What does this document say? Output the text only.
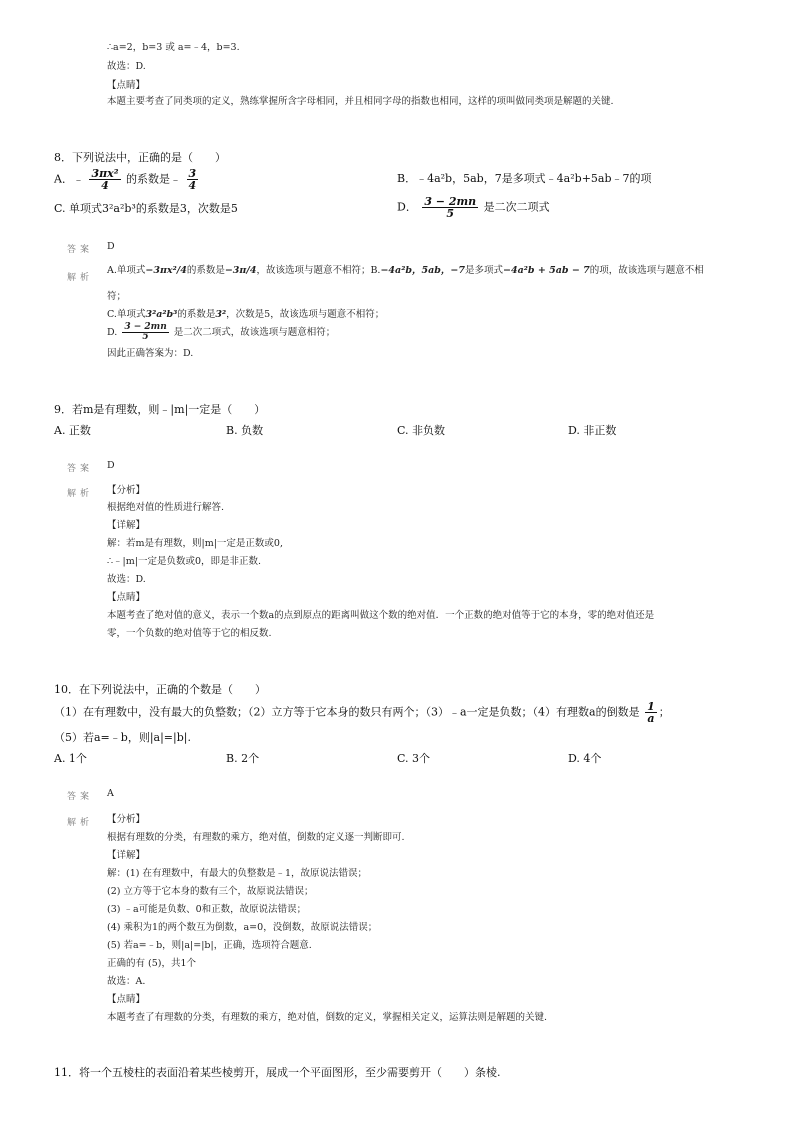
∴a=2，b=3 或 a=﹣4，b=3.
故选：D.
【点睛】
本题主要考查了同类项的定义，熟练掌握所含字母相同，并且相同字母的指数也相同，这样的项叫做同类项是解题的关键.
8．下列说法中，正确的是（　　）
A．﹣ $\frac{\text{3πx²}}{4}$ 的系数是﹣ $\frac{3}{4}$	B．﹣4a²b，5ab，7是多项式﹣4a²b+5ab﹣7的项
C. 单项式3²a²b³的系数是3，次数是5	D． $\frac{3 - 2mn}{5}$ 是二次二项式
答案 D
解析
A.单项式−3πx²/4的系数是−3π/4，故该选项与题意不相符；B.−4a²b，5ab，−7是多项式−4a²b + 5ab − 7的项，故该选项与题意不相
符；
C.单项式3²a²b³的系数是3²，次数是5，故该选项与题意不相符；
D. $\frac{3 - 2mn}{5}$ 是二次二项式，故该选项与题意相符；
因此正确答案为：D.
9．若m是有理数，则﹣|m|一定是（　　）
A. 正数	B. 负数	C. 非负数	D. 非正数
答案 D
解析 【分析】
根据绝对值的性质进行解答.
【详解】
解：若m是有理数，则|m|一定是正数或0,
∴﹣|m|一定是负数或0，即是非正数.
故选：D.
【点睛】
本题考查了绝对值的意义，表示一个数a的点到原点的距离叫做这个数的绝对值．一个正数的绝对值等于它的本身，零的绝对值还是
零，一个负数的绝对值等于它的相反数.
10．在下列说法中，正确的个数是（　　）
（1）在有理数中，没有最大的负整数；（2）立方等于它本身的数只有两个；（3）﹣a一定是负数；（4）有理数a的倒数是 $\frac{1}{a}$ ；
（5）若a=﹣b，则|a|=|b|.
A. 1个	B. 2个	C. 3个	D. 4个
答案 A
解析 【分析】
根据有理数的分类，有理数的乘方，绝对值，倒数的定义逐一判断即可.
【详解】
解：(1) 在有理数中，有最大的负整数是﹣1，故原说法错误；
(2) 立方等于它本身的数有三个，故原说法错误；
(3) ﹣a可能是负数、0和正数，故原说法错误；
(4) 乘积为1的两个数互为倒数，a=0，没倒数，故原说法错误；
(5) 若a=﹣b，则|a|=|b|，正确，选项符合题意.
正确的有 (5)，共1个
故选：A.
【点睛】
本题考查了有理数的分类，有理数的乘方，绝对值，倒数的定义，掌握相关定义，运算法则是解题的关键.
11．将一个五棱柱的表面沿着某些棱剪开，展成一个平面图形，至少需要剪开（　　）条棱.
